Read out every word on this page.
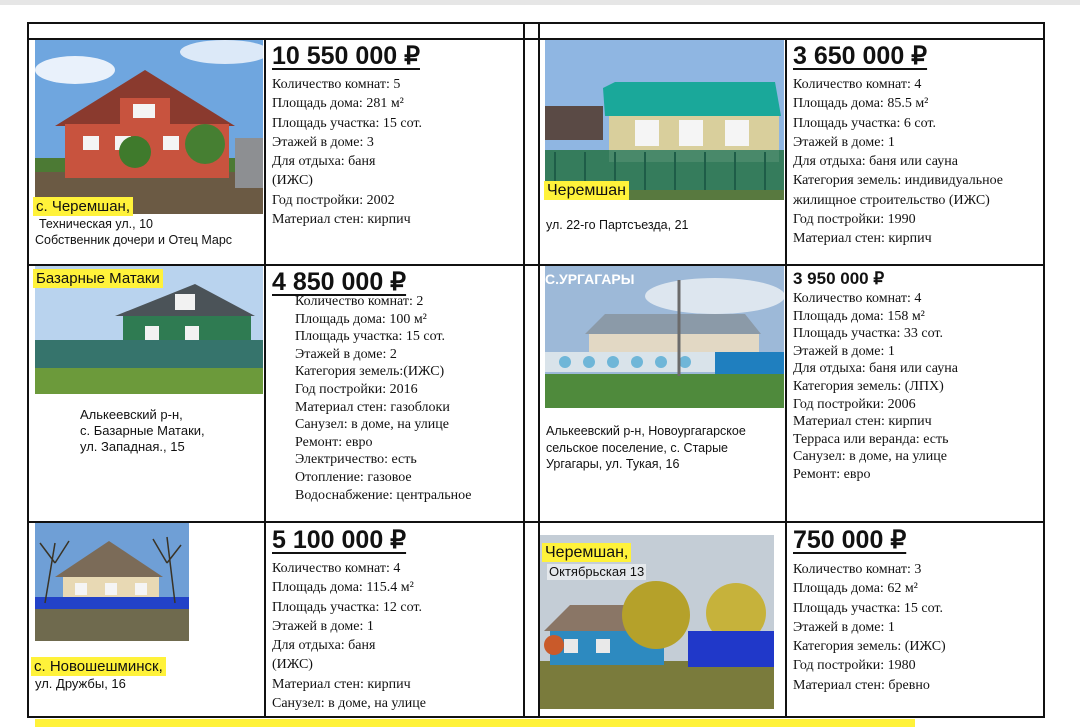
с. Черемшан,
Техническая ул., 10
Собственник дочери и Отец Марс
10 550 000 ₽
Количество комнат: 5
Площадь дома: 281 м²
Площадь участка: 15 сот.
Этажей в доме: 3
Для отдыха: баня
(ИЖС)
Год постройки: 2002
Материал стен: кирпич
Черемшан
ул. 22-го Партсъезда, 21
3 650 000 ₽
Количество комнат: 4
Площадь дома: 85.5 м²
Площадь участка: 6 сот.
Этажей в доме: 1
Для отдыха: баня или сауна
Категория земель: индивидуальное
жилищное строительство (ИЖС)
Год постройки: 1990
Материал стен: кирпич
Базарные Матаки
Алькеевский р-н,
с. Базарные Матаки,
ул. Западная., 15
4 850 000 ₽
Количество комнат: 2
Площадь дома: 100 м²
Площадь участка: 15 сот.
Этажей в доме: 2
Категория земель:(ИЖС)
Год постройки: 2016
Материал стен: газоблоки
Санузел: в доме, на улице
Ремонт: евро
Электричество: есть
Отопление: газовое
Водоснабжение: центральное
С.УРГАГАРЫ
Алькеевский р-н, Новоургагарское
сельское поселение, с. Старые
Ургагары, ул. Тукая, 16
3 950 000 ₽
Количество комнат: 4
Площадь дома: 158 м²
Площадь участка: 33 сот.
Этажей в доме: 1
Для отдыха: баня или сауна
Категория земель: (ЛПХ)
Год постройки: 2006
Материал стен: кирпич
Терраса или веранда: есть
Санузел: в доме, на улице
Ремонт: евро
с. Новошешминск,
ул. Дружбы, 16
5 100 000 ₽
Количество комнат: 4
Площадь дома: 115.4 м²
Площадь участка: 12 сот.
Этажей в доме: 1
Для отдыха: баня
(ИЖС)
Материал стен: кирпич
Санузел: в доме, на улице
Черемшан,
Октябрьская 13
750 000 ₽
Количество комнат: 3
Площадь дома: 62 м²
Площадь участка: 15 сот.
Этажей в доме: 1
Категория земель: (ИЖС)
Год постройки: 1980
Материал стен: бревно
